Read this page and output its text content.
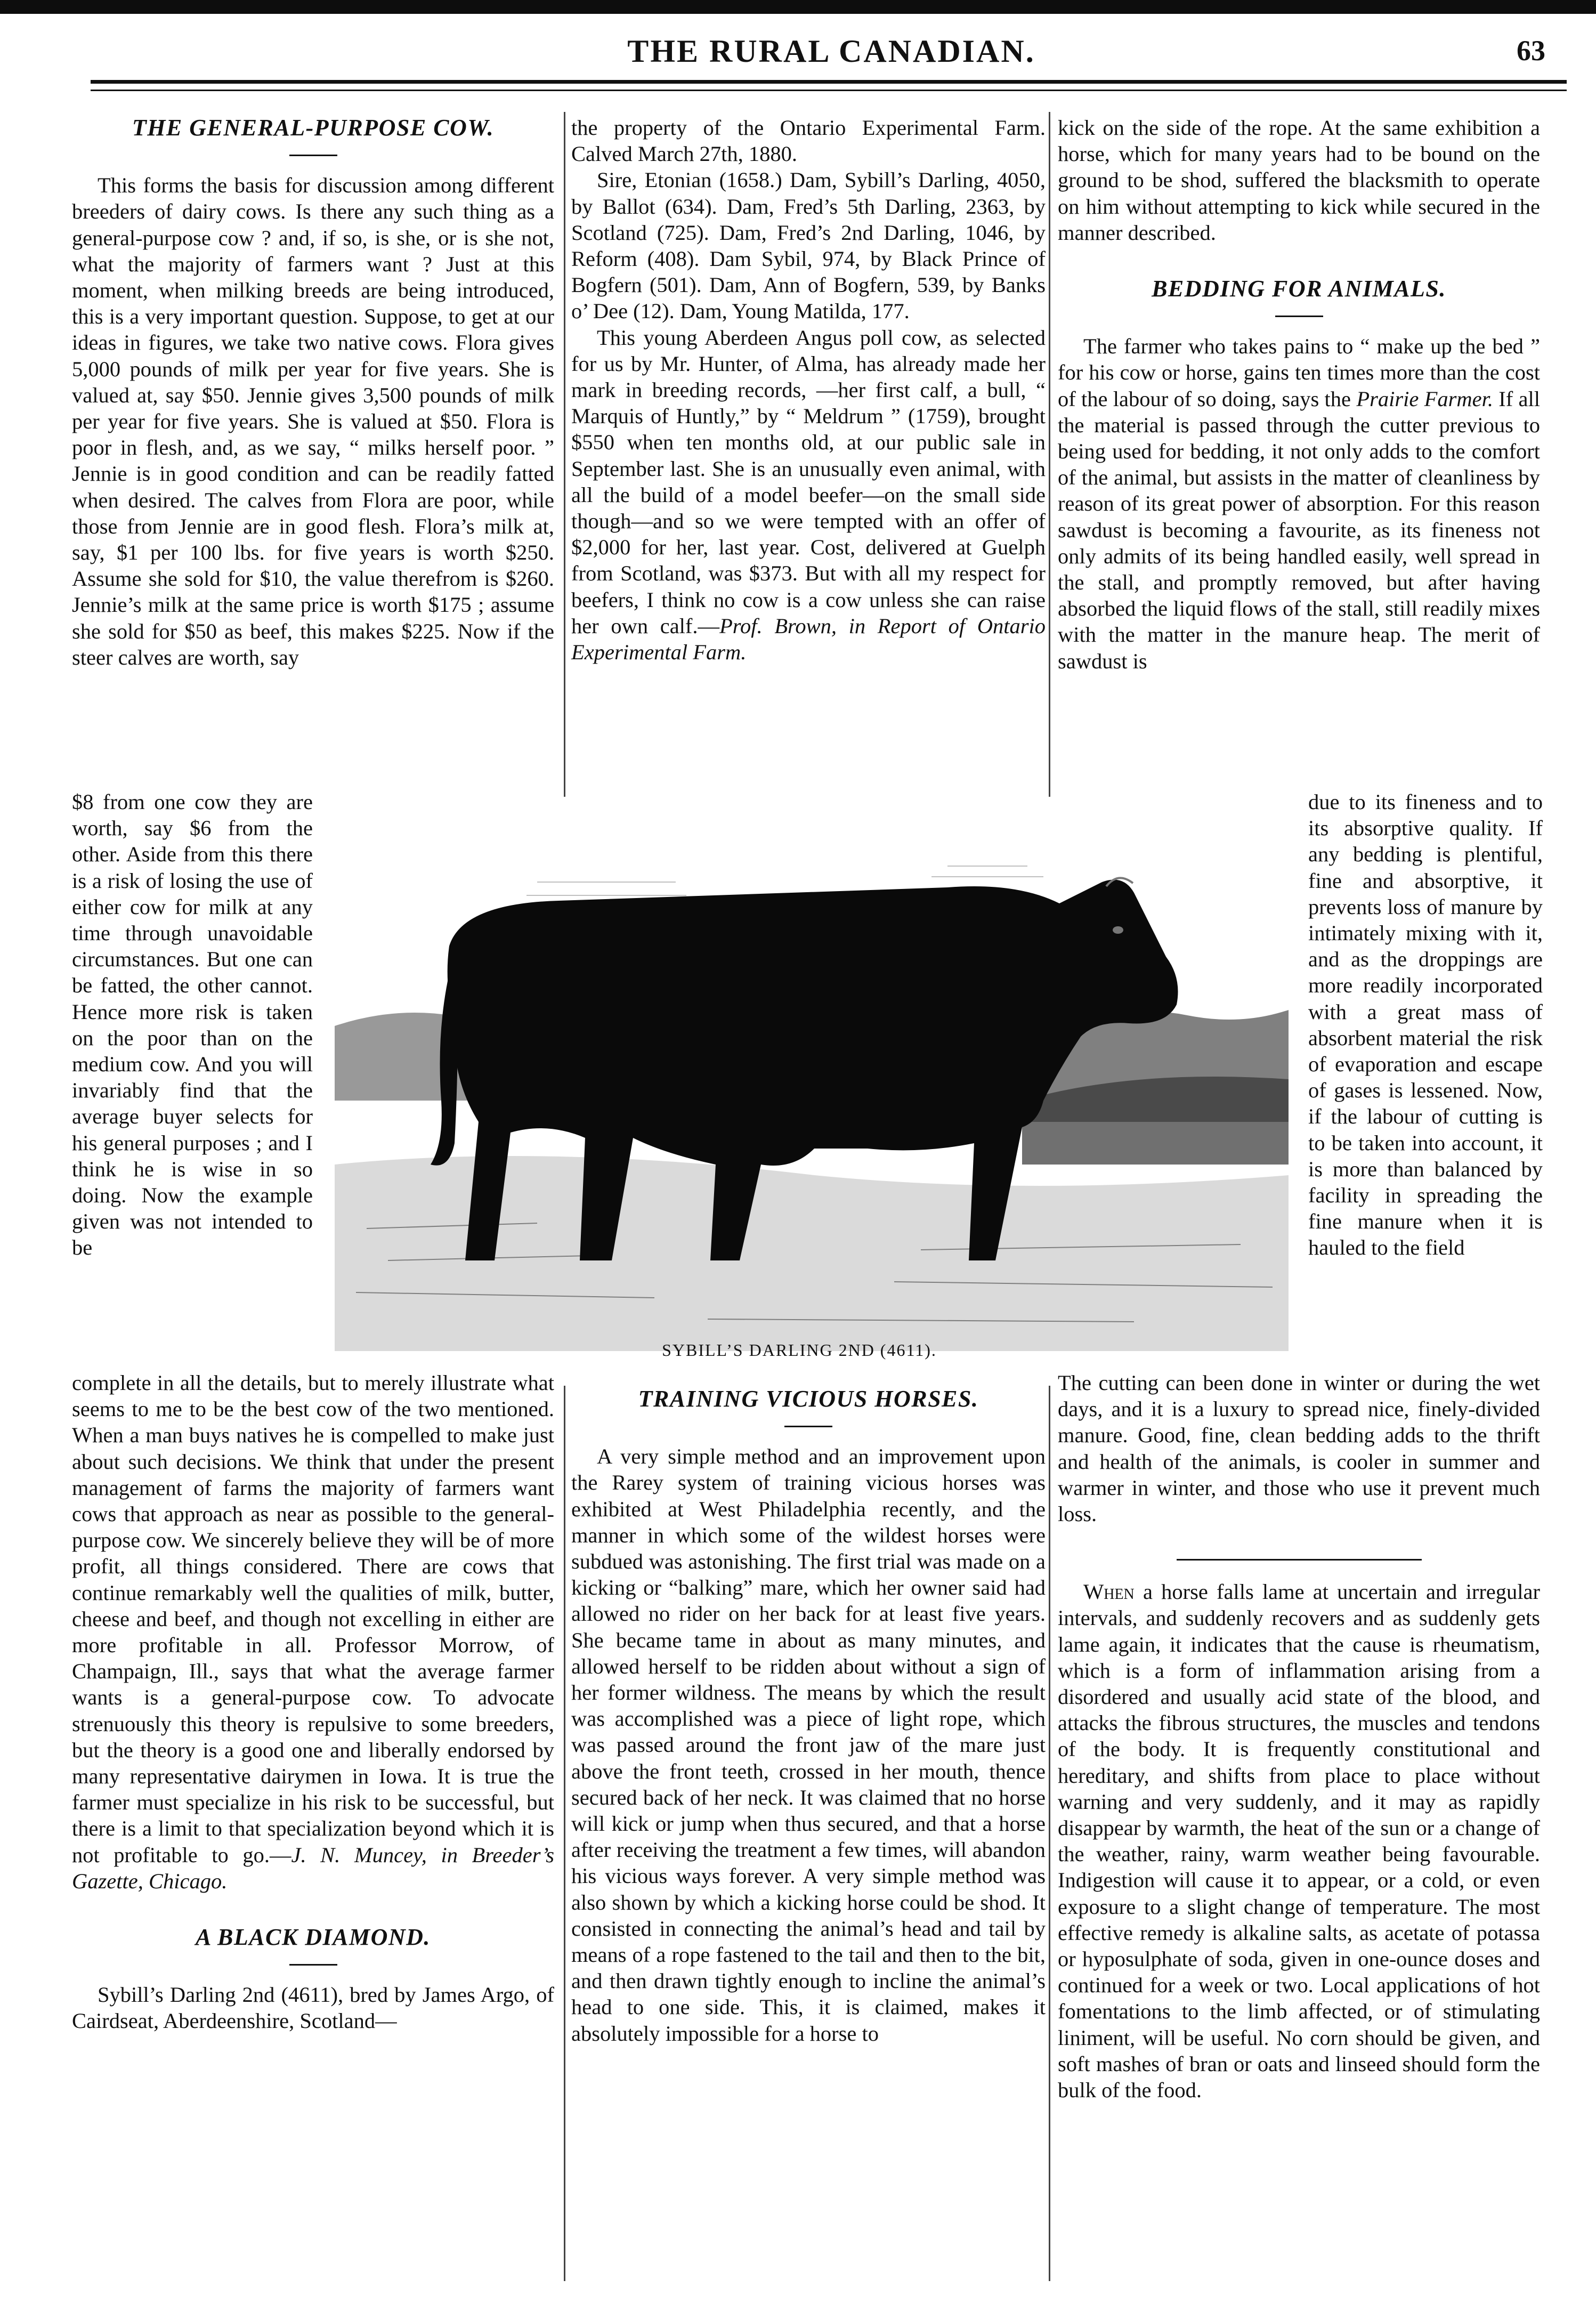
THE RURAL CANADIAN.	63
THE GENERAL-PURPOSE COW.

This forms the basis for discussion among different breeders of dairy cows. Is there any such thing as a general-purpose cow ? and, if so, is she, or is she not, what the majority of farmers want ? Just at this moment, when milking breeds are being introduced, this is a very important question. Suppose, to get at our ideas in figures, we take two native cows. Flora gives 5,000 pounds of milk per year for five years. She is valued at, say $50. Jennie gives 3,500 pounds of milk per year for five years. She is valued at $50. Flora is poor in flesh, and, as we say, “ milks herself poor. ” Jennie is in good condition and can be readily fatted when desired. The calves from Flora are poor, while those from Jennie are in good flesh. Flora’s milk at, say, $1 per 100 lbs. for five years is worth $250. Assume she sold for $10, the value therefrom is $260. Jennie’s milk at the same price is worth $175 ; assume she sold for $50 as beef, this makes $225. Now if the steer calves are worth, say

$8 from one cow they are worth, say $6 from the other. Aside from this there is a risk of losing the use of either cow for milk at any time through unavoidable circumstances. But one can be fatted, the other cannot. Hence more risk is taken on the poor than on the medium cow. And you will invariably find that the average buyer selects for his general purposes ; and I think he is wise in so doing. Now the example given was not intended to be

complete in all the details, but to merely illustrate what seems to me to be the best cow of the two mentioned. When a man buys natives he is compelled to make just about such decisions. We think that under the present management of farms the majority of farmers want cows that approach as near as possible to the general-purpose cow. We sincerely believe they will be of more profit, all things considered. There are cows that continue remarkably well the qualities of milk, butter, cheese and beef, and though not excelling in either are more profitable in all. Professor Morrow, of Champaign, Ill., says that what the average farmer wants is a general-purpose cow. To advocate strenuously this theory is repulsive to some breeders, but the theory is a good one and liberally endorsed by many representative dairymen in Iowa. It is true the farmer must specialize in his risk to be successful, but there is a limit to that specialization beyond which it is not profitable to go.—J. N. Muncey, in Breeder’s Gazette, Chicago.

A BLACK DIAMOND.

Sybill’s Darling 2nd (4611), bred by James Argo, of Cairdseat, Aberdeenshire, Scotland—

the property of the Ontario Experimental Farm. Calved March 27th, 1880.

Sire, Etonian (1658.) Dam, Sybill’s Darling, 4050, by Ballot (634). Dam, Fred’s 5th Darling, 2363, by Scotland (725). Dam, Fred’s 2nd Darling, 1046, by Reform (408). Dam Sybil, 974, by Black Prince of Bogfern (501). Dam, Ann of Bogfern, 539, by Banks o’ Dee (12). Dam, Young Matilda, 177.

This young Aberdeen Angus poll cow, as selected for us by Mr. Hunter, of Alma, has already made her mark in breeding records, —her first calf, a bull, “ Marquis of Huntly,” by “ Meldrum ” (1759), brought $550 when ten months old, at our public sale in September last. She is an unusually even animal, with all the build of a model beefer—on the small side though—and so we were tempted with an offer of $2,000 for her, last year. Cost, delivered at Guelph from Scotland, was $373. But with all my respect for beefers, I think no cow is a cow unless she can raise her own calf.—Prof. Brown, in Report of Ontario Experimental Farm.

SYBILL’S DARLING 2ND (4611).
TRAINING VICIOUS HORSES.

A very simple method and an improvement upon the Rarey system of training vicious horses was exhibited at West Philadelphia recently, and the manner in which some of the wildest horses were subdued was astonishing. The first trial was made on a kicking or “balking” mare, which her owner said had allowed no rider on her back for at least five years. She became tame in about as many minutes, and allowed herself to be ridden about without a sign of her former wildness. The means by which the result was accomplished was a piece of light rope, which was passed around the front jaw of the mare just above the front teeth, crossed in her mouth, thence secured back of her neck. It was claimed that no horse will kick or jump when thus secured, and that a horse after receiving the treatment a few times, will abandon his vicious ways forever. A very simple method was also shown by which a kicking horse could be shod. It consisted in connecting the animal’s head and tail by means of a rope fastened to the tail and then to the bit, and then drawn tightly enough to incline the animal’s head to one side. This, it is claimed, makes it absolutely impossible for a horse to

kick on the side of the rope. At the same exhibition a horse, which for many years had to be bound on the ground to be shod, suffered the blacksmith to operate on him without attempting to kick while secured in the manner described.

BEDDING FOR ANIMALS.

The farmer who takes pains to “ make up the bed ” for his cow or horse, gains ten times more than the cost of the labour of so doing, says the Prairie Farmer. If all the material is passed through the cutter previous to being used for bedding, it not only adds to the comfort of the animal, but assists in the matter of cleanliness by reason of its great power of absorption. For this reason sawdust is becoming a favourite, as its fineness not only admits of its being handled easily, well spread in the stall, and promptly removed, but after having absorbed the liquid flows of the stall, still readily mixes with the matter in the manure heap. The merit of sawdust is

due to its fineness and to its absorptive quality. If any bedding is plentiful, fine and absorptive, it prevents loss of manure by intimately mixing with it, and as the droppings are more readily incorporated with a great mass of absorbent material the risk of evaporation and escape of gases is lessened. Now, if the labour of cutting is to be taken into account, it is more than balanced by facility in spreading the fine manure when it is hauled to the field

The cutting can been done in winter or during the wet days, and it is a luxury to spread nice, finely-divided manure. Good, fine, clean bedding adds to the thrift and health of the animals, is cooler in summer and warmer in winter, and those who use it prevent much loss.

When a horse falls lame at uncertain and irregular intervals, and suddenly recovers and as suddenly gets lame again, it indicates that the cause is rheumatism, which is a form of inflammation arising from a disordered and usually acid state of the blood, and attacks the fibrous structures, the muscles and tendons of the body. It is frequently constitutional and hereditary, and shifts from place to place without warning and very suddenly, and it may as rapidly disappear by warmth, the heat of the sun or a change of the weather, rainy, warm weather being favourable. Indigestion will cause it to appear, or a cold, or even exposure to a slight change of temperature. The most effective remedy is alkaline salts, as acetate of potassa or hyposulphate of soda, given in one-ounce doses and continued for a week or two. Local applications of hot fomentations to the limb affected, or of stimulating liniment, will be useful. No corn should be given, and soft mashes of bran or oats and linseed should form the bulk of the food.
